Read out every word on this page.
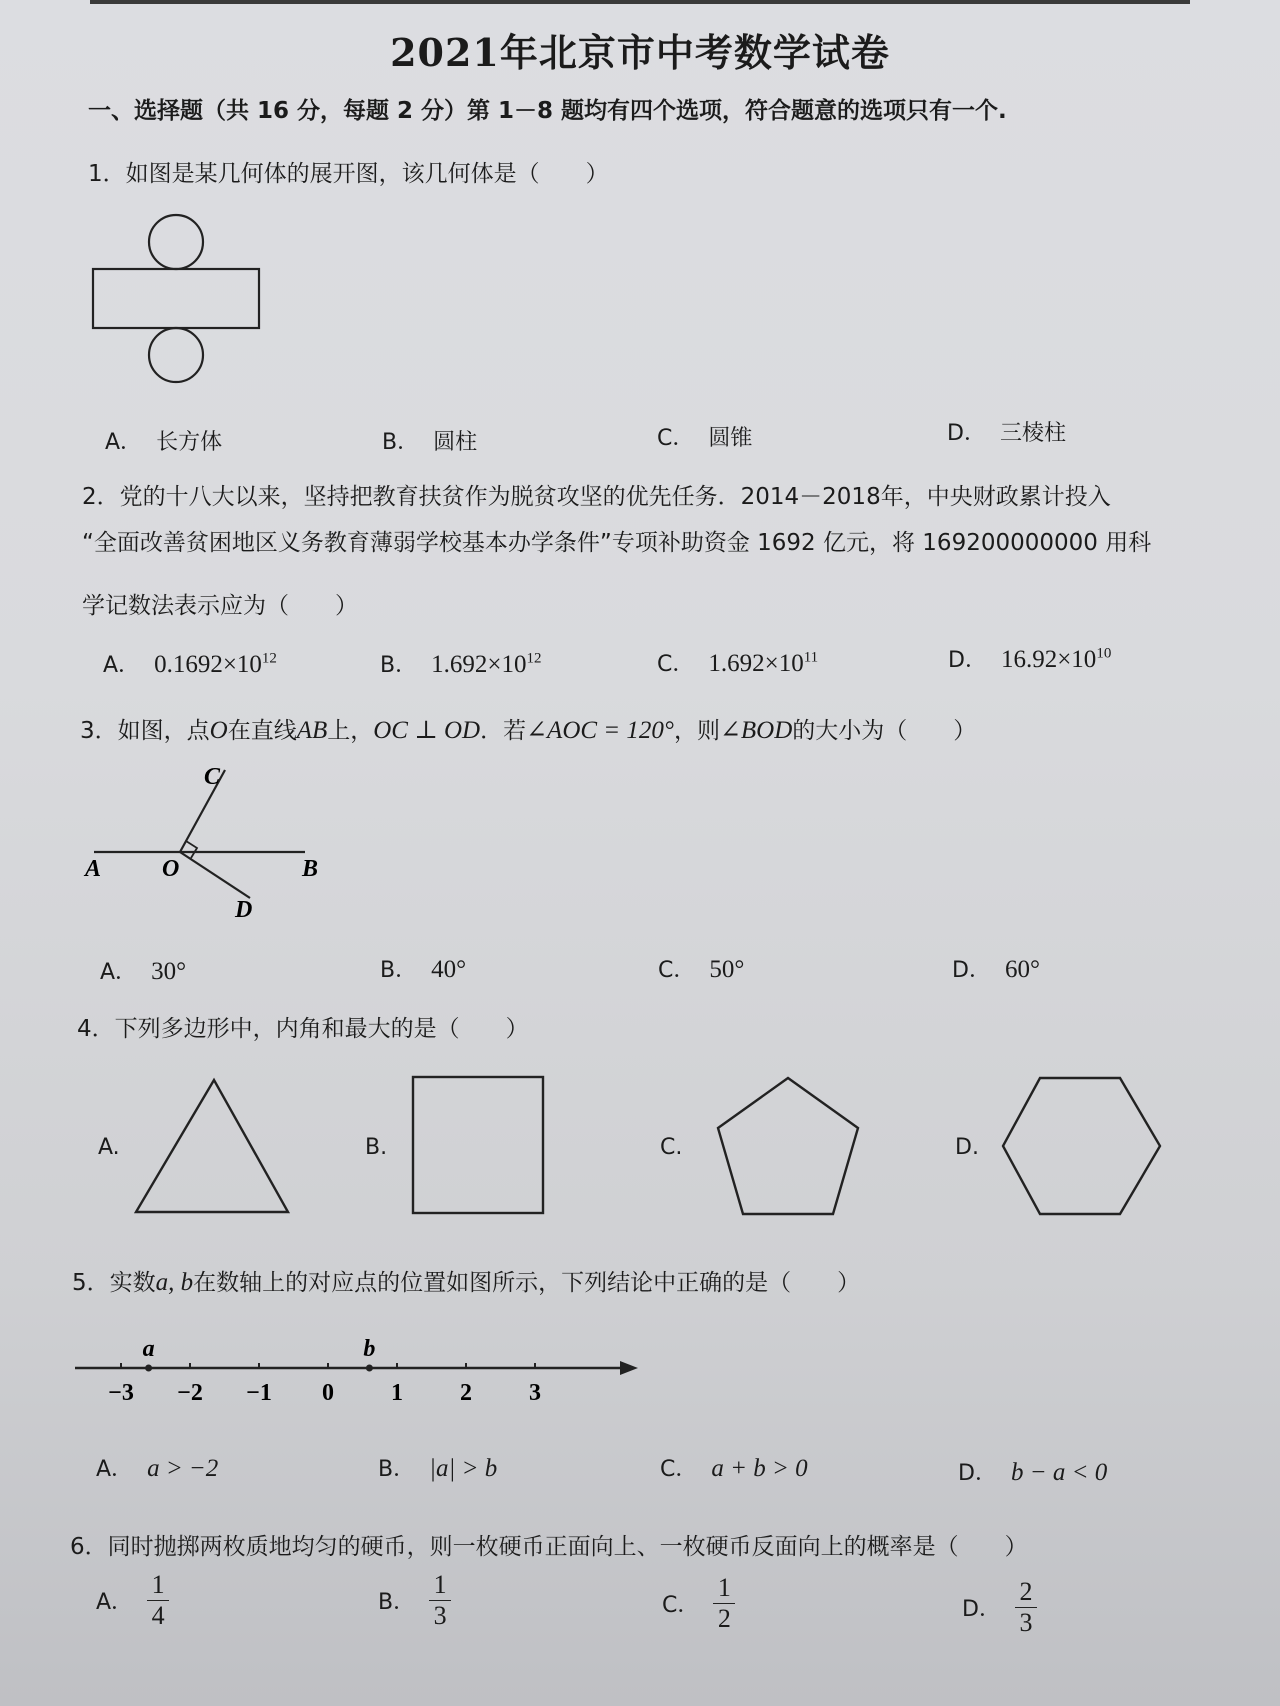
2021年北京市中考数学试卷
一、选择题（共 16 分，每题 2 分）第 1－8 题均有四个选项，符合题意的选项只有一个.
1．如图是某几何体的展开图，该几何体是（　　）
A． 长方体	B． 圆柱	C． 圆锥	D． 三棱柱
2．党的十八大以来，坚持把教育扶贫作为脱贫攻坚的优先任务．2014－2018年，中央财政累计投入
“全面改善贫困地区义务教育薄弱学校基本办学条件”专项补助资金 1692 亿元，将 169200000000 用科
学记数法表示应为（　　）
A． $0.1692\times 10^{12}$	B． $1.692\times 10^{12}$	C． $1.692\times 10^{11}$	D． $16.92\times 10^{10}$
3．如图，点O在直线AB上，OC ⊥ OD．若∠AOC = 120°，则∠BOD的大小为（　　）
A	O	B
C
D
A． 30°	B． 40°	C． 50°	D． 60°
4．下列多边形中，内角和最大的是（　　）
A.	B.	C.	D.
5．实数a, b在数轴上的对应点的位置如图所示，下列结论中正确的是（　　）
−3 −2 −1 0 1 2 3
a	b
A． a > −2	B． |a| > b	C． a + b > 0	D． b − a < 0
6．同时抛掷两枚质地均匀的硬币，则一枚硬币正面向上、一枚硬币反面向上的概率是（　　）
A． $\frac{1}{4}$	B． $\frac{1}{3}$	C． $\frac{1}{2}$	D． $\frac{2}{3}$
